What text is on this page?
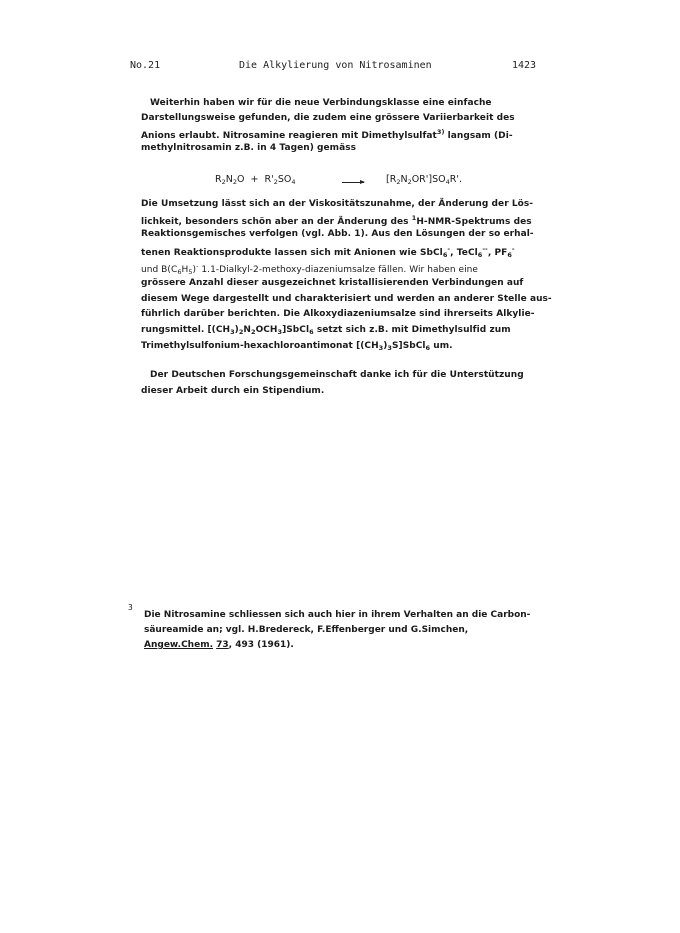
No.21	Die Alkylierung von Nitrosaminen	1423
Weiterhin haben wir für die neue Verbindungsklasse eine einfache
Darstellungsweise gefunden, die zudem eine grössere Variierbarkeit des
Anions erlaubt. Nitrosamine reagieren mit Dimethylsulfat$^{3)}$ langsam (Di-
methylnitrosamin z.B. in 4 Tagen) gemäss
$R_2N_2O + R'_2SO_4$	→ $[R_2N_2OR']SO_4R'$.
Die Umsetzung lässt sich an der Viskositätszunahme, der Änderung der Lös-
lichkeit, besonders schön aber an der Änderung des $^1$H-NMR-Spektrums des
Reaktionsgemisches verfolgen (vgl. Abb. 1). Aus den Lösungen der so erhal-
tenen Reaktionsprodukte lassen sich mit Anionen wie SbCl$_6$-, TeCl$_6$--, $PF_6^-$
und $B(C_6H_5)^-$ 1.1-Dialkyl-2-methoxy-diazeniumsalze fällen. Wir haben eine
grössere Anzahl dieser ausgezeichnet kristallisierenden Verbindungen auf
diesem Wege dargestellt und charakterisiert und werden an anderer Stelle aus-
führlich darüber berichten. Die Alkoxydiazeniumsalze sind ihrerseits Alkylie-
rungsmittel. $[(CH_3)_2N_2OCH_3]SbCl_6$ setzt sich z.B. mit Dimethylsulfid zum
Trimethylsulfonium-hexachloroantimonat $[(CH_3)_3S]SbCl_6$ um.
Der Deutschen Forschungsgemeinschaft danke ich für die Unterstützung
dieser Arbeit durch ein Stipendium.
3
Die Nitrosamine schliessen sich auch hier in ihrem Verhalten an die Carbon-
säureamide an; vgl. H.Bredereck, F.Effenberger und G.Simchen,
Angew.Chem. 73, 493 (1961).
